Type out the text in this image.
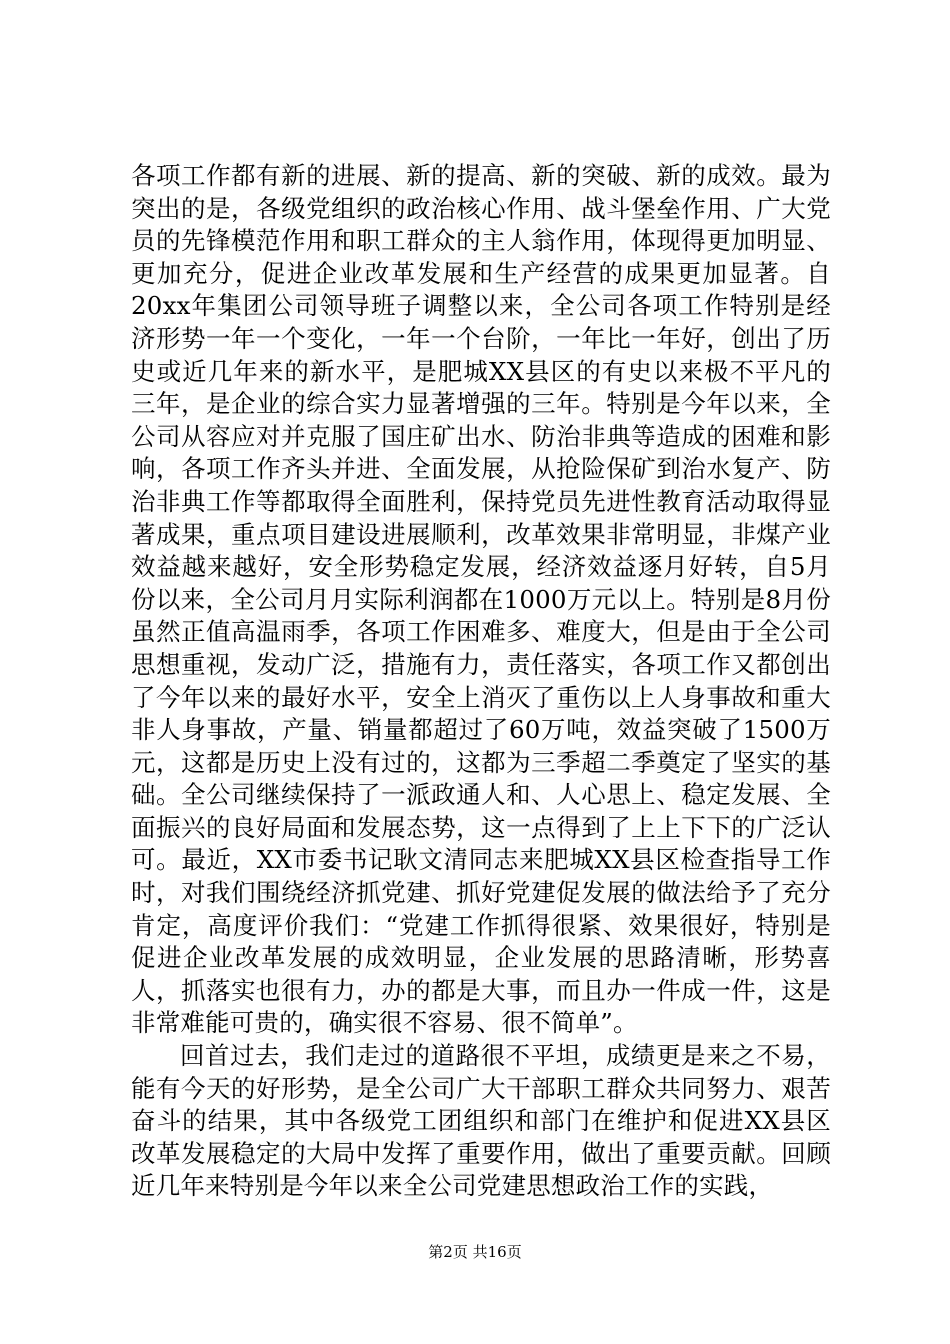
各项工作都有新的进展、新的提高、新的突破、新的成效。最为突出的是，各级党组织的政治核心作用、战斗堡垒作用、广大党员的先锋模范作用和职工群众的主人翁作用，体现得更加明显、更加充分，促进企业改革发展和生产经营的成果更加显著。自20xx年集团公司领导班子调整以来，全公司各项工作特别是经济形势一年一个变化，一年一个台阶，一年比一年好，创出了历史或近几年来的新水平，是肥城XX县区的有史以来极不平凡的三年，是企业的综合实力显著增强的三年。特别是今年以来，全公司从容应对并克服了国庄矿出水、防治非典等造成的困难和影响，各项工作齐头并进、全面发展，从抢险保矿到治水复产、防治非典工作等都取得全面胜利，保持党员先进性教育活动取得显著成果，重点项目建设进展顺利，改革效果非常明显，非煤产业效益越来越好，安全形势稳定发展，经济效益逐月好转，自5月份以来，全公司月月实际利润都在1000万元以上。特别是8月份虽然正值高温雨季，各项工作困难多、难度大，但是由于全公司思想重视，发动广泛，措施有力，责任落实，各项工作又都创出了今年以来的最好水平，安全上消灭了重伤以上人身事故和重大非人身事故，产量、销量都超过了60万吨，效益突破了1500万元，这都是历史上没有过的，这都为三季超二季奠定了坚实的基础。全公司继续保持了一派政通人和、人心思上、稳定发展、全面振兴的良好局面和发展态势，这一点得到了上上下下的广泛认可。最近，XX市委书记耿文清同志来肥城XX县区检查指导工作时，对我们围绕经济抓党建、抓好党建促发展的做法给予了充分肯定，高度评价我们：“党建工作抓得很紧、效果很好，特别是促进企业改革发展的成效明显，企业发展的思路清晰，形势喜人，抓落实也很有力，办的都是大事，而且办一件成一件，这是非常难能可贵的，确实很不容易、很不简单”。

回首过去，我们走过的道路很不平坦，成绩更是来之不易，能有今天的好形势，是全公司广大干部职工群众共同努力、艰苦奋斗的结果，其中各级党工团组织和部门在维护和促进XX县区改革发展稳定的大局中发挥了重要作用，做出了重要贡献。回顾近几年来特别是今年以来全公司党建思想政治工作的实践，

第2页 共16页
